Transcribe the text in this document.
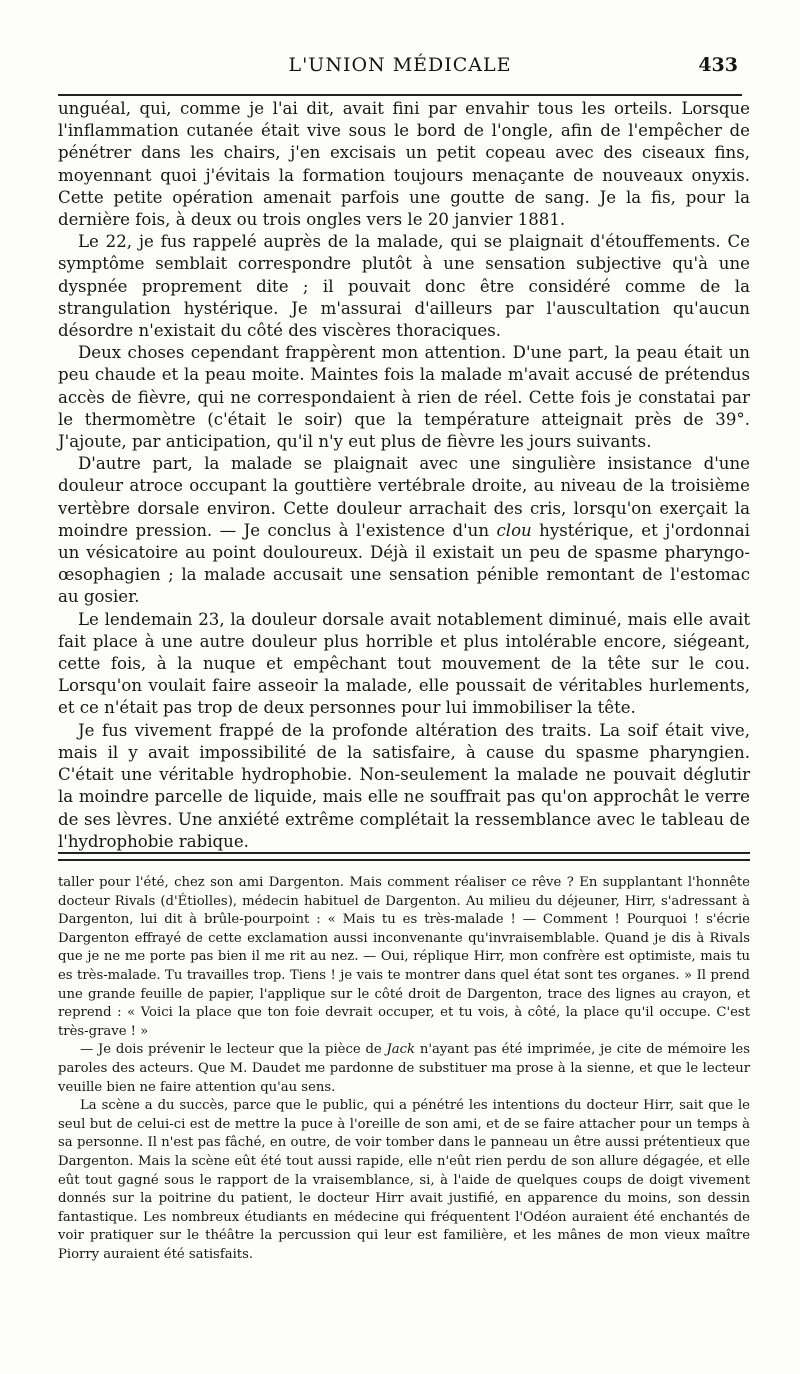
L'UNION MÉDICALE	433

unguéal, qui, comme je l'ai dit, avait fini par envahir tous les orteils. Lorsque l'inflammation cutanée était vive sous le bord de l'ongle, afin de l'empêcher de pénétrer dans les chairs, j'en excisais un petit copeau avec des ciseaux fins, moyennant quoi j'évitais la formation toujours menaçante de nouveaux onyxis. Cette petite opération amenait parfois une goutte de sang. Je la fis, pour la dernière fois, à deux ou trois ongles vers le 20 janvier 1881.

Le 22, je fus rappelé auprès de la malade, qui se plaignait d'étouffements. Ce symptôme semblait correspondre plutôt à une sensation subjective qu'à une dyspnée proprement dite ; il pouvait donc être considéré comme de la strangulation hystérique. Je m'assurai d'ailleurs par l'auscultation qu'aucun désordre n'existait du côté des viscères thoraciques.

Deux choses cependant frappèrent mon attention. D'une part, la peau était un peu chaude et la peau moite. Maintes fois la malade m'avait accusé de prétendus accès de fièvre, qui ne correspondaient à rien de réel. Cette fois je constatai par le thermomètre (c'était le soir) que la température atteignait près de 39°. J'ajoute, par anticipation, qu'il n'y eut plus de fièvre les jours suivants.

D'autre part, la malade se plaignait avec une singulière insistance d'une douleur atroce occupant la gouttière vertébrale droite, au niveau de la troisième vertèbre dorsale environ. Cette douleur arrachait des cris, lorsqu'on exerçait la moindre pression. — Je conclus à l'existence d'un clou hystérique, et j'ordonnai un vésicatoire au point douloureux. Déjà il existait un peu de spasme pharyngo-œsophagien ; la malade accusait une sensation pénible remontant de l'estomac au gosier.

Le lendemain 23, la douleur dorsale avait notablement diminué, mais elle avait fait place à une autre douleur plus horrible et plus intolérable encore, siégeant, cette fois, à la nuque et empêchant tout mouvement de la tête sur le cou. Lorsqu'on voulait faire asseoir la malade, elle poussait de véritables hurlements, et ce n'était pas trop de deux personnes pour lui immobiliser la tête.

Je fus vivement frappé de la profonde altération des traits. La soif était vive, mais il y avait impossibilité de la satisfaire, à cause du spasme pharyngien. C'était une véritable hydrophobie. Non-seulement la malade ne pouvait déglutir la moindre parcelle de liquide, mais elle ne souffrait pas qu'on approchât le verre de ses lèvres. Une anxiété extrême complétait la ressemblance avec le tableau de l'hydrophobie rabique.

taller pour l'été, chez son ami Dargenton. Mais comment réaliser ce rêve ? En supplantant l'honnête docteur Rivals (d'Étiolles), médecin habituel de Dargenton. Au milieu du déjeuner, Hirr, s'adressant à Dargenton, lui dit à brûle-pourpoint : « Mais tu es très-malade ! — Comment ! Pourquoi ! s'écrie Dargenton effrayé de cette exclamation aussi inconvenante qu'invraisemblable. Quand je dis à Rivals que je ne me porte pas bien il me rit au nez. — Oui, réplique Hirr, mon confrère est optimiste, mais tu es très-malade. Tu travailles trop. Tiens ! je vais te montrer dans quel état sont tes organes. » Il prend une grande feuille de papier, l'applique sur le côté droit de Dargenton, trace des lignes au crayon, et reprend : « Voici la place que ton foie devrait occuper, et tu vois, à côté, la place qu'il occupe. C'est très-grave ! »

— Je dois prévenir le lecteur que la pièce de Jack n'ayant pas été imprimée, je cite de mémoire les paroles des acteurs. Que M. Daudet me pardonne de substituer ma prose à la sienne, et que le lecteur veuille bien ne faire attention qu'au sens.

La scène a du succès, parce que le public, qui a pénétré les intentions du docteur Hirr, sait que le seul but de celui-ci est de mettre la puce à l'oreille de son ami, et de se faire attacher pour un temps à sa personne. Il n'est pas fâché, en outre, de voir tomber dans le panneau un être aussi prétentieux que Dargenton. Mais la scène eût été tout aussi rapide, elle n'eût rien perdu de son allure dégagée, et elle eût tout gagné sous le rapport de la vraisemblance, si, à l'aide de quelques coups de doigt vivement donnés sur la poitrine du patient, le docteur Hirr avait justifié, en apparence du moins, son dessin fantastique. Les nombreux étudiants en médecine qui fréquentent l'Odéon auraient été enchantés de voir pratiquer sur le théâtre la percussion qui leur est familière, et les mânes de mon vieux maître Piorry auraient été satisfaits.
